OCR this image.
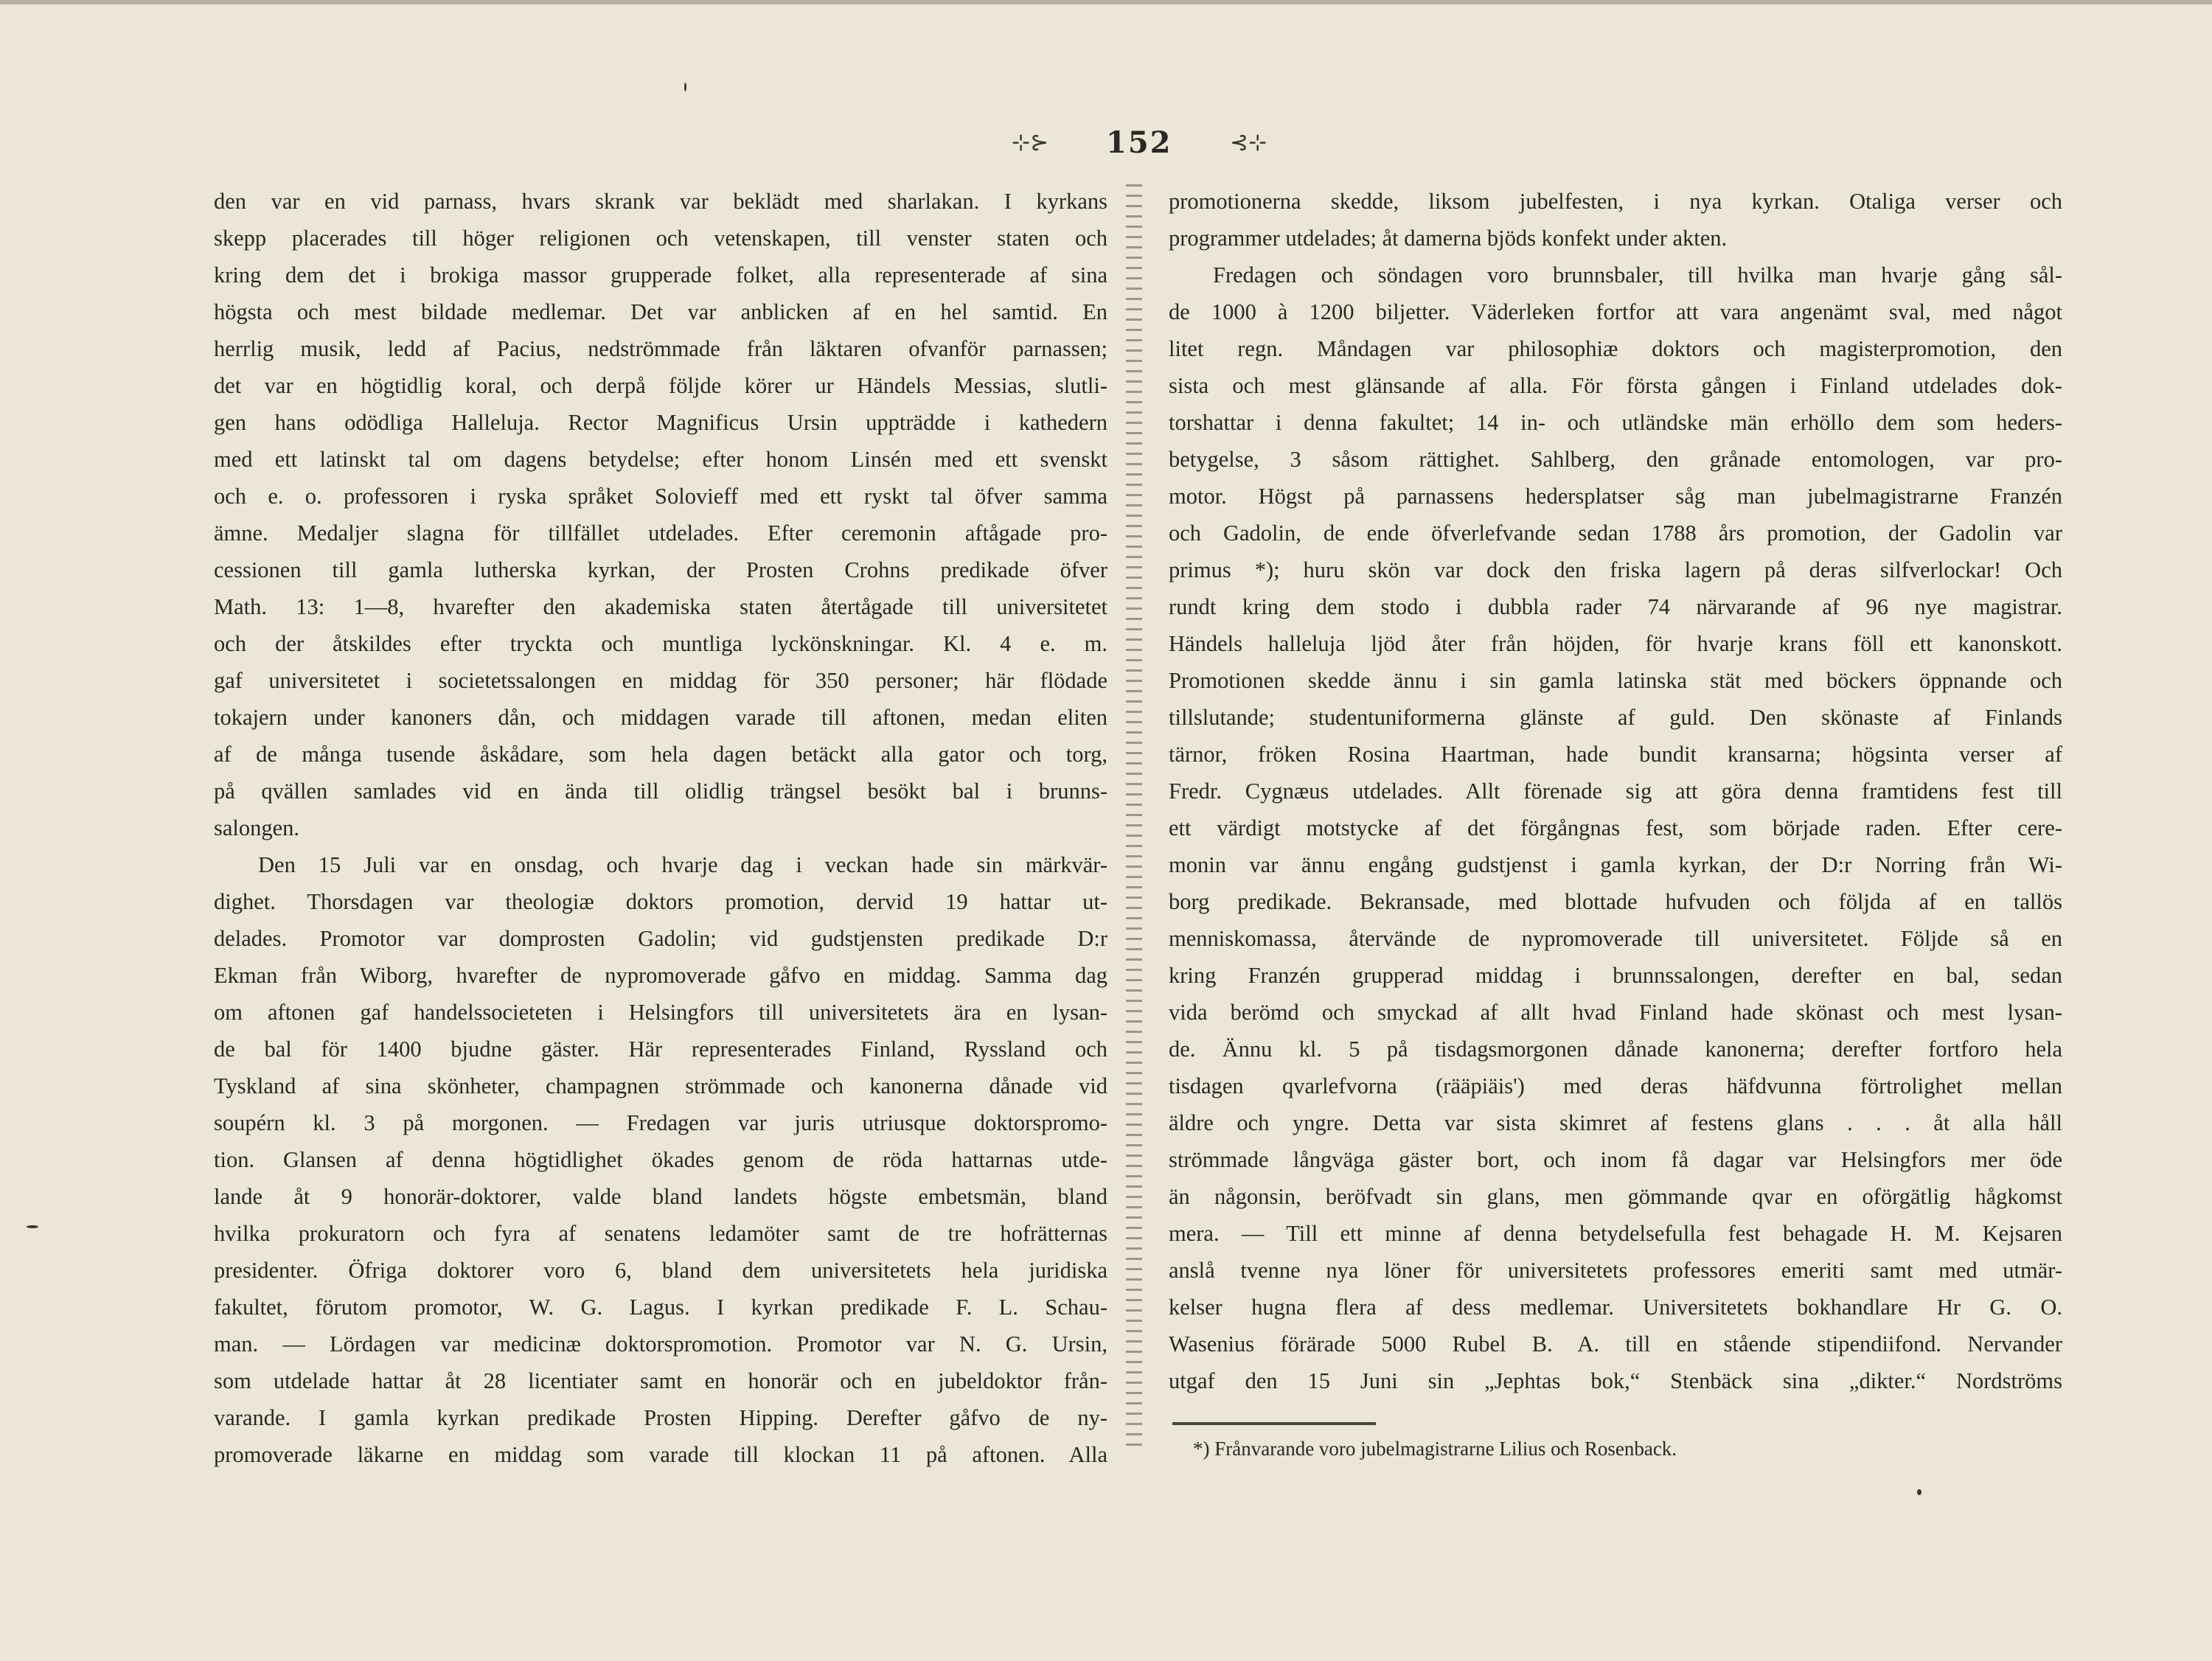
⊹⊱ 152	⊰⊹
den var en vid parnass, hvars skrank var beklädt med sharlakan. I kyrkans
skepp placerades till höger religionen och vetenskapen, till venster staten och
kring dem det i brokiga massor grupperade folket, alla representerade af sina
högsta och mest bildade medlemar. Det var anblicken af en hel samtid. En
herrlig musik, ledd af Pacius, nedströmmade från läktaren ofvanför parnassen;
det var en högtidlig koral, och derpå följde körer ur Händels Messias, slutli-
gen hans odödliga Halleluja. Rector Magnificus Ursin uppträdde i kathedern
med ett latinskt tal om dagens betydelse; efter honom Linsén med ett svenskt
och e. o. professoren i ryska språket Solovieff med ett ryskt tal öfver samma
ämne. Medaljer slagna för tillfället utdelades. Efter ceremonin aftågade pro-
cessionen till gamla lutherska kyrkan, der Prosten Crohns predikade öfver
Math. 13: 1—8, hvarefter den akademiska staten återtågade till universitetet
och der åtskildes efter tryckta och muntliga lyckönskningar. Kl. 4 e. m.
gaf universitetet i societetssalongen en middag för 350 personer; här flödade
tokajern under kanoners dån, och middagen varade till aftonen, medan eliten
af de många tusende åskådare, som hela dagen betäckt alla gator och torg,
på qvällen samlades vid en ända till olidlig trängsel besökt bal i brunns-
salongen.
Den 15 Juli var en onsdag, och hvarje dag i veckan hade sin märkvär-
dighet. Thorsdagen var theologiæ doktors promotion, dervid 19 hattar ut-
delades. Promotor var domprosten Gadolin; vid gudstjensten predikade D:r
Ekman från Wiborg, hvarefter de nypromoverade gåfvo en middag. Samma dag
om aftonen gaf handelssocieteten i Helsingfors till universitetets ära en lysan-
de bal för 1400 bjudne gäster. Här representerades Finland, Ryssland och
Tyskland af sina skönheter, champagnen strömmade och kanonerna dånade vid
soupérn kl. 3 på morgonen. — Fredagen var juris utriusque doktorspromo-
tion. Glansen af denna högtidlighet ökades genom de röda hattarnas utde-
lande åt 9 honorär-doktorer, valde bland landets högste embetsmän, bland
hvilka prokuratorn och fyra af senatens ledamöter samt de tre hofrätternas
presidenter. Öfriga doktorer voro 6, bland dem universitetets hela juridiska
fakultet, förutom promotor, W. G. Lagus. I kyrkan predikade F. L. Schau-
man. — Lördagen var medicinæ doktorspromotion. Promotor var N. G. Ursin,
som utdelade hattar åt 28 licentiater samt en honorär och en jubeldoktor från-
varande. I gamla kyrkan predikade Prosten Hipping. Derefter gåfvo de ny-
promoverade läkarne en middag som varade till klockan 11 på aftonen. Alla
promotionerna skedde, liksom jubelfesten, i nya kyrkan. Otaliga verser och
programmer utdelades; åt damerna bjöds konfekt under akten.
Fredagen och söndagen voro brunnsbaler, till hvilka man hvarje gång sål-
de 1000 à 1200 biljetter. Väderleken fortfor att vara angenämt sval, med något
litet regn. Måndagen var philosophiæ doktors och magisterpromotion, den
sista och mest glänsande af alla. För första gången i Finland utdelades dok-
torshattar i denna fakultet; 14 in- och utländske män erhöllo dem som heders-
betygelse, 3 såsom rättighet. Sahlberg, den grånade entomologen, var pro-
motor. Högst på parnassens hedersplatser såg man jubelmagistrarne Franzén
och Gadolin, de ende öfverlefvande sedan 1788 års promotion, der Gadolin var
primus *); huru skön var dock den friska lagern på deras silfverlockar! Och
rundt kring dem stodo i dubbla rader 74 närvarande af 96 nye magistrar.
Händels halleluja ljöd åter från höjden, för hvarje krans föll ett kanonskott.
Promotionen skedde ännu i sin gamla latinska stät med böckers öppnande och
tillslutande; studentuniformerna glänste af guld. Den skönaste af Finlands
tärnor, fröken Rosina Haartman, hade bundit kransarna; högsinta verser af
Fredr. Cygnæus utdelades. Allt förenade sig att göra denna framtidens fest till
ett värdigt motstycke af det förgångnas fest, som började raden. Efter cere-
monin var ännu engång gudstjenst i gamla kyrkan, der D:r Norring från Wi-
borg predikade. Bekransade, med blottade hufvuden och följda af en tallös
menniskomassa, återvände de nypromoverade till universitetet. Följde så en
kring Franzén grupperad middag i brunnssalongen, derefter en bal, sedan
vida berömd och smyckad af allt hvad Finland hade skönast och mest lysan-
de. Ännu kl. 5 på tisdagsmorgonen dånade kanonerna; derefter fortforo hela
tisdagen qvarlefvorna (rääpiäis') med deras häfdvunna förtrolighet mellan
äldre och yngre. Detta var sista skimret af festens glans . . . åt alla håll
strömmade långväga gäster bort, och inom få dagar var Helsingfors mer öde
än någonsin, beröfvadt sin glans, men gömmande qvar en oförgätlig hågkomst
mera. — Till ett minne af denna betydelsefulla fest behagade H. M. Kejsaren
anslå tvenne nya löner för universitetets professores emeriti samt med utmär-
kelser hugna flera af dess medlemar. Universitetets bokhandlare Hr G. O.
Wasenius förärade 5000 Rubel B. A. till en stående stipendiifond. Nervander
utgaf den 15 Juni sin „Jephtas bok,“ Stenbäck sina „dikter.“ Nordströms
*) Frånvarande voro jubelmagistrarne Lilius och Rosenback.
